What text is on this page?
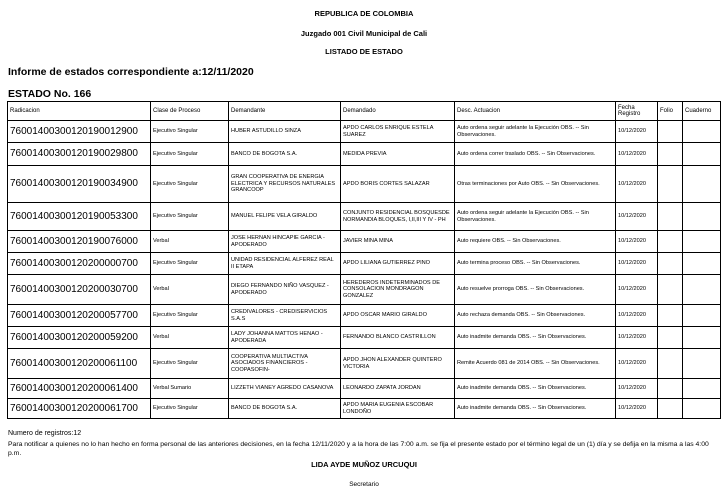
REPUBLICA DE COLOMBIA
Juzgado 001 Civil Municipal de Cali
LISTADO DE ESTADO
Informe de estados correspondiente a:12/11/2020
ESTADO No. 166
Radicacion	Clase de Proceso	Demandante	Demandado	Desc. Actuacion	Fecha Registro	Folio	Cuaderno
76001400300120190012900	Ejecutivo Singular	HUBER ASTUDILLO SINZA	APDO CARLOS ENRIQUE ESTELA SUAREZ	Auto ordena seguir adelante la Ejecución OBS. -- Sin Observaciones.	10/12/2020		
76001400300120190029800	Ejecutivo Singular	BANCO DE BOGOTA S.A.	MEDIDA PREVIA	Auto ordena correr traslado OBS. -- Sin Observaciones.	10/12/2020		
76001400300120190034900	Ejecutivo Singular	GRAN COOPERATIVA DE ENERGIA ELECTRICA Y RECURSOS NATURALES GRANCOOP	APDO BORIS CORTES SALAZAR	Otras terminaciones por Auto OBS. -- Sin Observaciones.	10/12/2020		
76001400300120190053300	Ejecutivo Singular	MANUEL FELIPE VELA GIRALDO	CONJUNTO RESIDENCIAL BOSQUESDE NORMANDIA BLOQUES, I,II,III Y IV - PH	Auto ordena seguir adelante la Ejecución OBS. -- Sin Observaciones.	10/12/2020		
76001400300120190076000	Verbal	JOSE HERNAN HINCAPIE GARCIA - APODERADO	JAVIER MINA MINA	Auto requiere OBS. -- Sin Observaciones.	10/12/2020		
76001400300120200000700	Ejecutivo Singular	UNIDAD RESIDENCIAL ALFEREZ REAL II ETAPA	APDO LILIANA GUTIERREZ PINO	Auto termina proceso OBS. -- Sin Observaciones.	10/12/2020		
76001400300120200030700	Verbal	DIEGO FERNANDO NIÑO VASQUEZ - APODERADO	HEREDEROS INDETERMINADOS DE CONSOLACION MONDRAGON GONZALEZ	Auto resuelve prorroga OBS. -- Sin Observaciones.	10/12/2020		
76001400300120200057700	Ejecutivo Singular	CREDIVALORES - CREDISERVICIOS S.A.S	APDO OSCAR MARIO GIRALDO	Auto rechaza demanda OBS. -- Sin Observaciones.	10/12/2020		
76001400300120200059200	Verbal	LADY JOHANNA MATTOS HENAO - APODERADA	FERNANDO BLANCO CASTRILLON	Auto inadmite demanda OBS. -- Sin Observaciones.	10/12/2020		
76001400300120200061100	Ejecutivo Singular	COOPERATIVA MULTIACTIVA ASOCIADOS FINANCIEROS - COOPASOFIN-	APDO JHON ALEXANDER QUINTERO VICTORIA	Remite Acuerdo 081 de 2014 OBS. -- Sin Observaciones.	10/12/2020		
76001400300120200061400	Verbal Sumario	LIZZETH VIANEY AGREDO CASANOVA	LEONARDO ZAPATA JORDAN	Auto inadmite demanda OBS. -- Sin Observaciones.	10/12/2020		
76001400300120200061700	Ejecutivo Singular	BANCO DE BOGOTA S.A.	APDO MARIA EUGENIA ESCOBAR LONDOÑO	Auto inadmite demanda OBS. -- Sin Observaciones.	10/12/2020		
Numero de registros:12
Para notificar a quienes no lo han hecho en forma personal de las anteriores decisiones, en la fecha 12/11/2020 y a la hora de las 7:00 a.m. se fija el presente estado por el término legal de un (1) día y se defija en la misma a las 4:00 p.m.
LIDA AYDE MUÑOZ URCUQUI
Secretario
